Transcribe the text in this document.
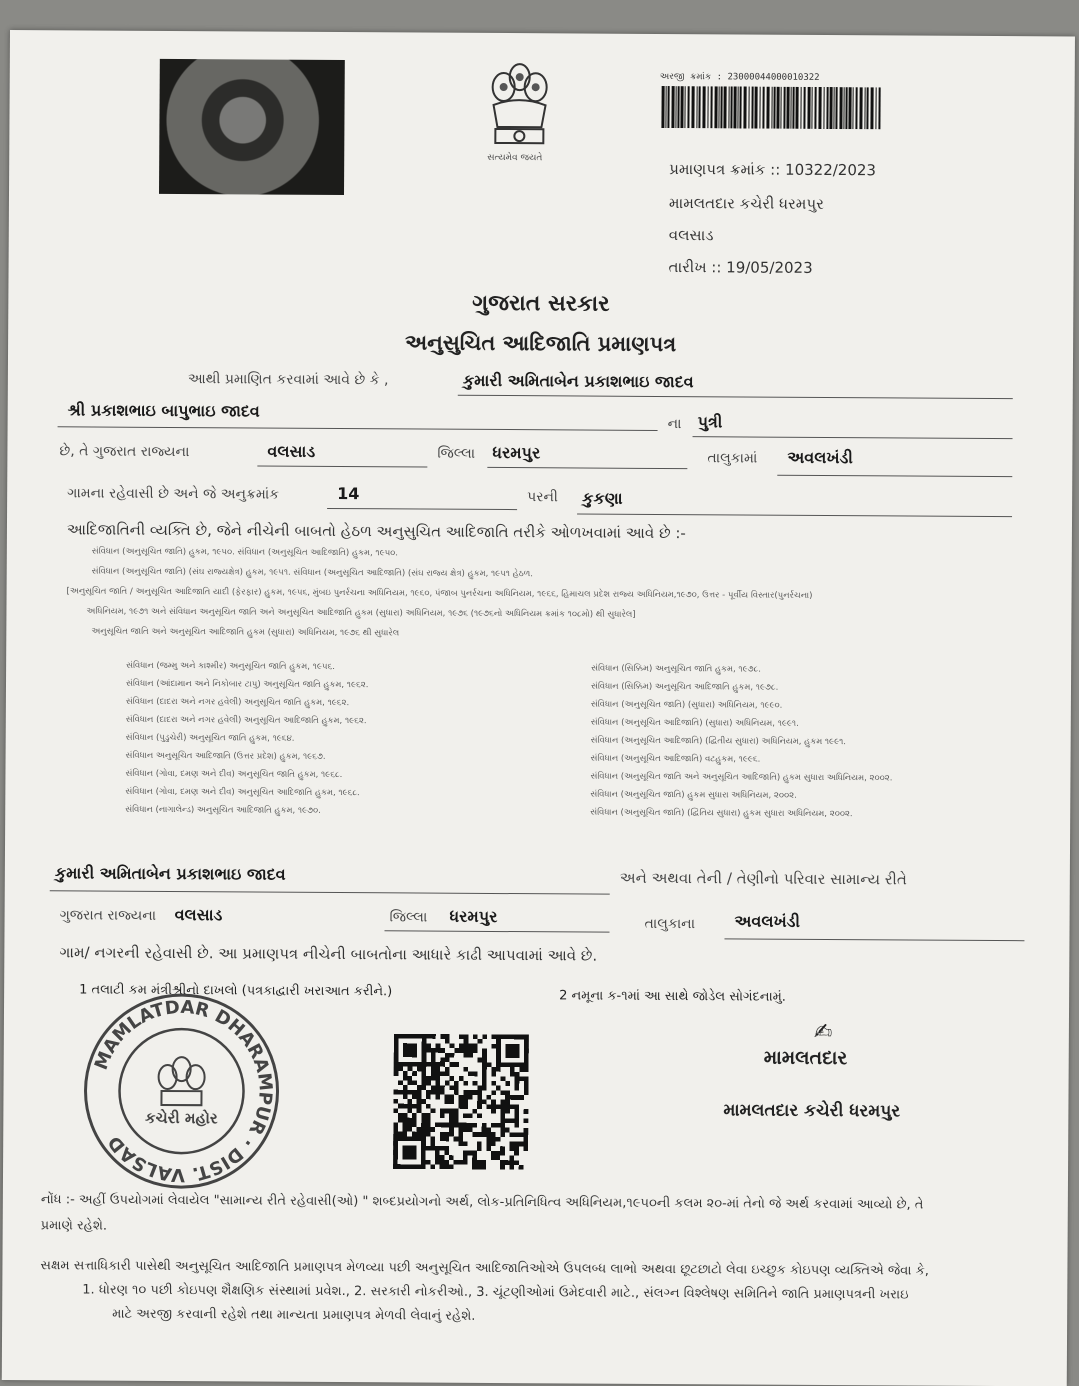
સત્યમેવ જયતે
અરજી ક્રમાંક : 23000044000010322
પ્રમાણપત્ર ક્રમાંક :: 10322/2023
મામલતદાર કચેરી ધરમપુર
વલસાડ
તારીખ :: 19/05/2023
ગુજરાત સરકાર
અનુસુચિત આદિજાતિ પ્રમાણપત્ર
આથી પ્રમાણિત કરવામાં આવે છે કે ,	કુમારી અમિતાબેન પ્રકાશભાઇ જાદવ
શ્રી પ્રકાશભાઇ બાપુભાઇ જાદવ
ના પુત્રી
છે, તે ગુજરાત રાજ્યના	વલસાડ	જિલ્લા ધરમપુર	તાલુકામાં અવલખંડી
ગામના રહેવાસી છે અને જે અનુક્રમાંક	14	પરની કુકણા
આદિજાતિની વ્યક્તિ છે, જેને નીચેની બાબતો હેઠળ અનુસુચિત આદિજાતિ તરીકે ઓળખવામાં આવે છે :-
સંવિધાન (અનુસૂચિત જાતિ) હુકમ, ૧૯૫૦. સંવિધાન (અનુસૂચિત આદિજાતિ) હુકમ, ૧૯૫૦.
સંવિધાન (અનુસૂચિત જાતિ) (સંઘ રાજ્યક્ષેત્ર) હુકમ, ૧૯૫૧. સંવિધાન (અનુસૂચિત આદિજાતિ) (સંઘ રાજ્ય ક્ષેત્ર) હુકમ, ૧૯૫૧ હેઠળ.
[અનુસૂચિત જાતિ / અનુસૂચિત આદિજાતિ યાદી (ફેરફાર) હુકમ, ૧૯૫૬, મુંબઇ પુનર્રચના અધિનિયમ, ૧૯૬૦, પંજાબ પુનર્રચના અધિનિયમ, ૧૯૬૬, હિમાચલ પ્રદેશ રાજ્ય અધિનિયમ,૧૯૭૦, ઉત્તર - પૂર્વીય વિસ્તાર(પુનર્રચના)
અધિનિયમ, ૧૯૭૧ અને સંવિધાન અનુસૂચિત જાતિ અને અનુસૂચિત આદિજાતિ હુકમ (સુધારા) અધિનિયમ, ૧૯૭૬ (૧૯૭૬નો અધિનિયમ ક્રમાંક ૧૦૮મો) થી સુધારેલ]
અનુસૂચિત જાતિ અને અનુસૂચિત આદિજાતિ હુકમ (સુધારા) અધિનિયમ, ૧૯૭૬ થી સુધારેલ
સંવિધાન (જમ્મુ અને કાશ્મીર) અનુસૂચિત જાતિ હુકમ, ૧૯૫૬.
સંવિધાન (આંદામાન અને નિકોબાર ટાપુ) અનુસૂચિત જાતિ હુકમ, ૧૯૬૨.
સંવિધાન (દાદરા અને નગર હવેલી) અનુસૂચિત જાતિ હુકમ, ૧૯૬૨.
સંવિધાન (દાદરા અને નગર હવેલી) અનુસૂચિત આદિજાતિ હુકમ, ૧૯૬૨.
સંવિધાન (પુડુચેરી) અનુસૂચિત જાતિ હુકમ, ૧૯૬૪.
સંવિધાન અનુસૂચિત આદિજાતિ (ઉત્તર પ્રદેશ) હુકમ, ૧૯૬૭.
સંવિધાન (ગોવા, દમણ અને દીવ) અનુસૂચિત જાતિ હુકમ, ૧૯૬૮.
સંવિધાન (ગોવા, દમણ અને દીવ) અનુસૂચિત આદિજાતિ હુકમ, ૧૯૬૮.
સંવિધાન (નાગાલેન્ડ) અનુસૂચિત આદિજાતિ હુકમ, ૧૯૭૦.
સંવિધાન (સિક્કિમ) અનુસૂચિત જાતિ હુકમ, ૧૯૭૮.
સંવિધાન (સિક્કિમ) અનુસૂચિત આદિજાતિ હુકમ, ૧૯૭૮.
સંવિધાન (અનુસૂચિત જાતિ) (સુધારા) અધિનિયમ, ૧૯૯૦.
સંવિધાન (અનુસૂચિત આદિજાતિ) (સુધારા) અધિનિયમ, ૧૯૯૧.
સંવિધાન (અનુસૂચિત આદિજાતિ) (દ્વિતીય સુધારા) અધિનિયમ, હુકમ ૧૯૯૧.
સંવિધાન (અનુસૂચિત આદિજાતિ) વટહુકમ, ૧૯૯૬.
સંવિધાન (અનુસૂચિત જાતિ અને અનુસૂચિત આદિજાતિ) હુકમ સુધારા અધિનિયમ, ૨૦૦૨.
સંવિધાન (અનુસૂચિત જાતિ) હુકમ સુધારા અધિનિયમ, ૨૦૦૨.
સંવિધાન (અનુસૂચિત જાતિ) (દ્વિતિય સુધારા) હુકમ સુધારા અધિનિયમ, ૨૦૦૨.
કુમારી અમિતાબેન પ્રકાશભાઇ જાદવ	અને અથવા તેની / તેણીનો પરિવાર સામાન્ય રીતે
ગુજરાત રાજ્યના વલસાડ	જિલ્લા ધરમપુર	તાલુકાના અવલખંડી
ગામ/ નગરની રહેવાસી છે. આ પ્રમાણપત્ર નીચેની બાબતોના આધારે કાઢી આપવામાં આવે છે.
1 તલાટી કમ મંત્રીશ્રીનો દાખલો (પત્રકાદ્વારી ખરાઆત કરીને.)	2 નમૂના ક-૧માં આ સાથે જોડેલ સોગંદનામું.
MAMLATDAR DHARAMPUR · DIST. VALSAD
કચેરી મહોર
✍
મામલતદાર
મામલતદાર કચેરી ધરમપુર
નોંધ :- અહીં ઉપયોગમાં લેવાયેલ "સામાન્ય રીતે રહેવાસી(ઓ) " શબ્દપ્રયોગનો અર્થ, લોક-પ્રતિનિધિત્વ અધિનિયમ,૧૯૫૦ની કલમ ૨૦-માં તેનો જે અર્થ કરવામાં આવ્યો છે, તે
પ્રમાણે રહેશે.
સક્ષમ સત્તાધિકારી પાસેથી અનુસૂચિત આદિજાતિ પ્રમાણપત્ર મેળવ્યા પછી અનુસૂચિત આદિજાતિઓએ ઉપલબ્ધ લાભો અથવા છૂટછાટો લેવા ઇચ્છુક કોઇપણ વ્યક્તિએ જેવા કે,
1. ધોરણ ૧૦ પછી કોઇપણ શૈક્ષણિક સંસ્થામાં પ્રવેશ., 2. સરકારી નોકરીઓ., 3. ચૂંટણીઓમાં ઉમેદવારી માટે., સંલગ્ન વિશ્લેષણ સમિતિને જાતિ પ્રમાણપત્રની ખરાઇ
માટે અરજી કરવાની રહેશે તથા માન્યતા પ્રમાણપત્ર મેળવી લેવાનું રહેશે.
